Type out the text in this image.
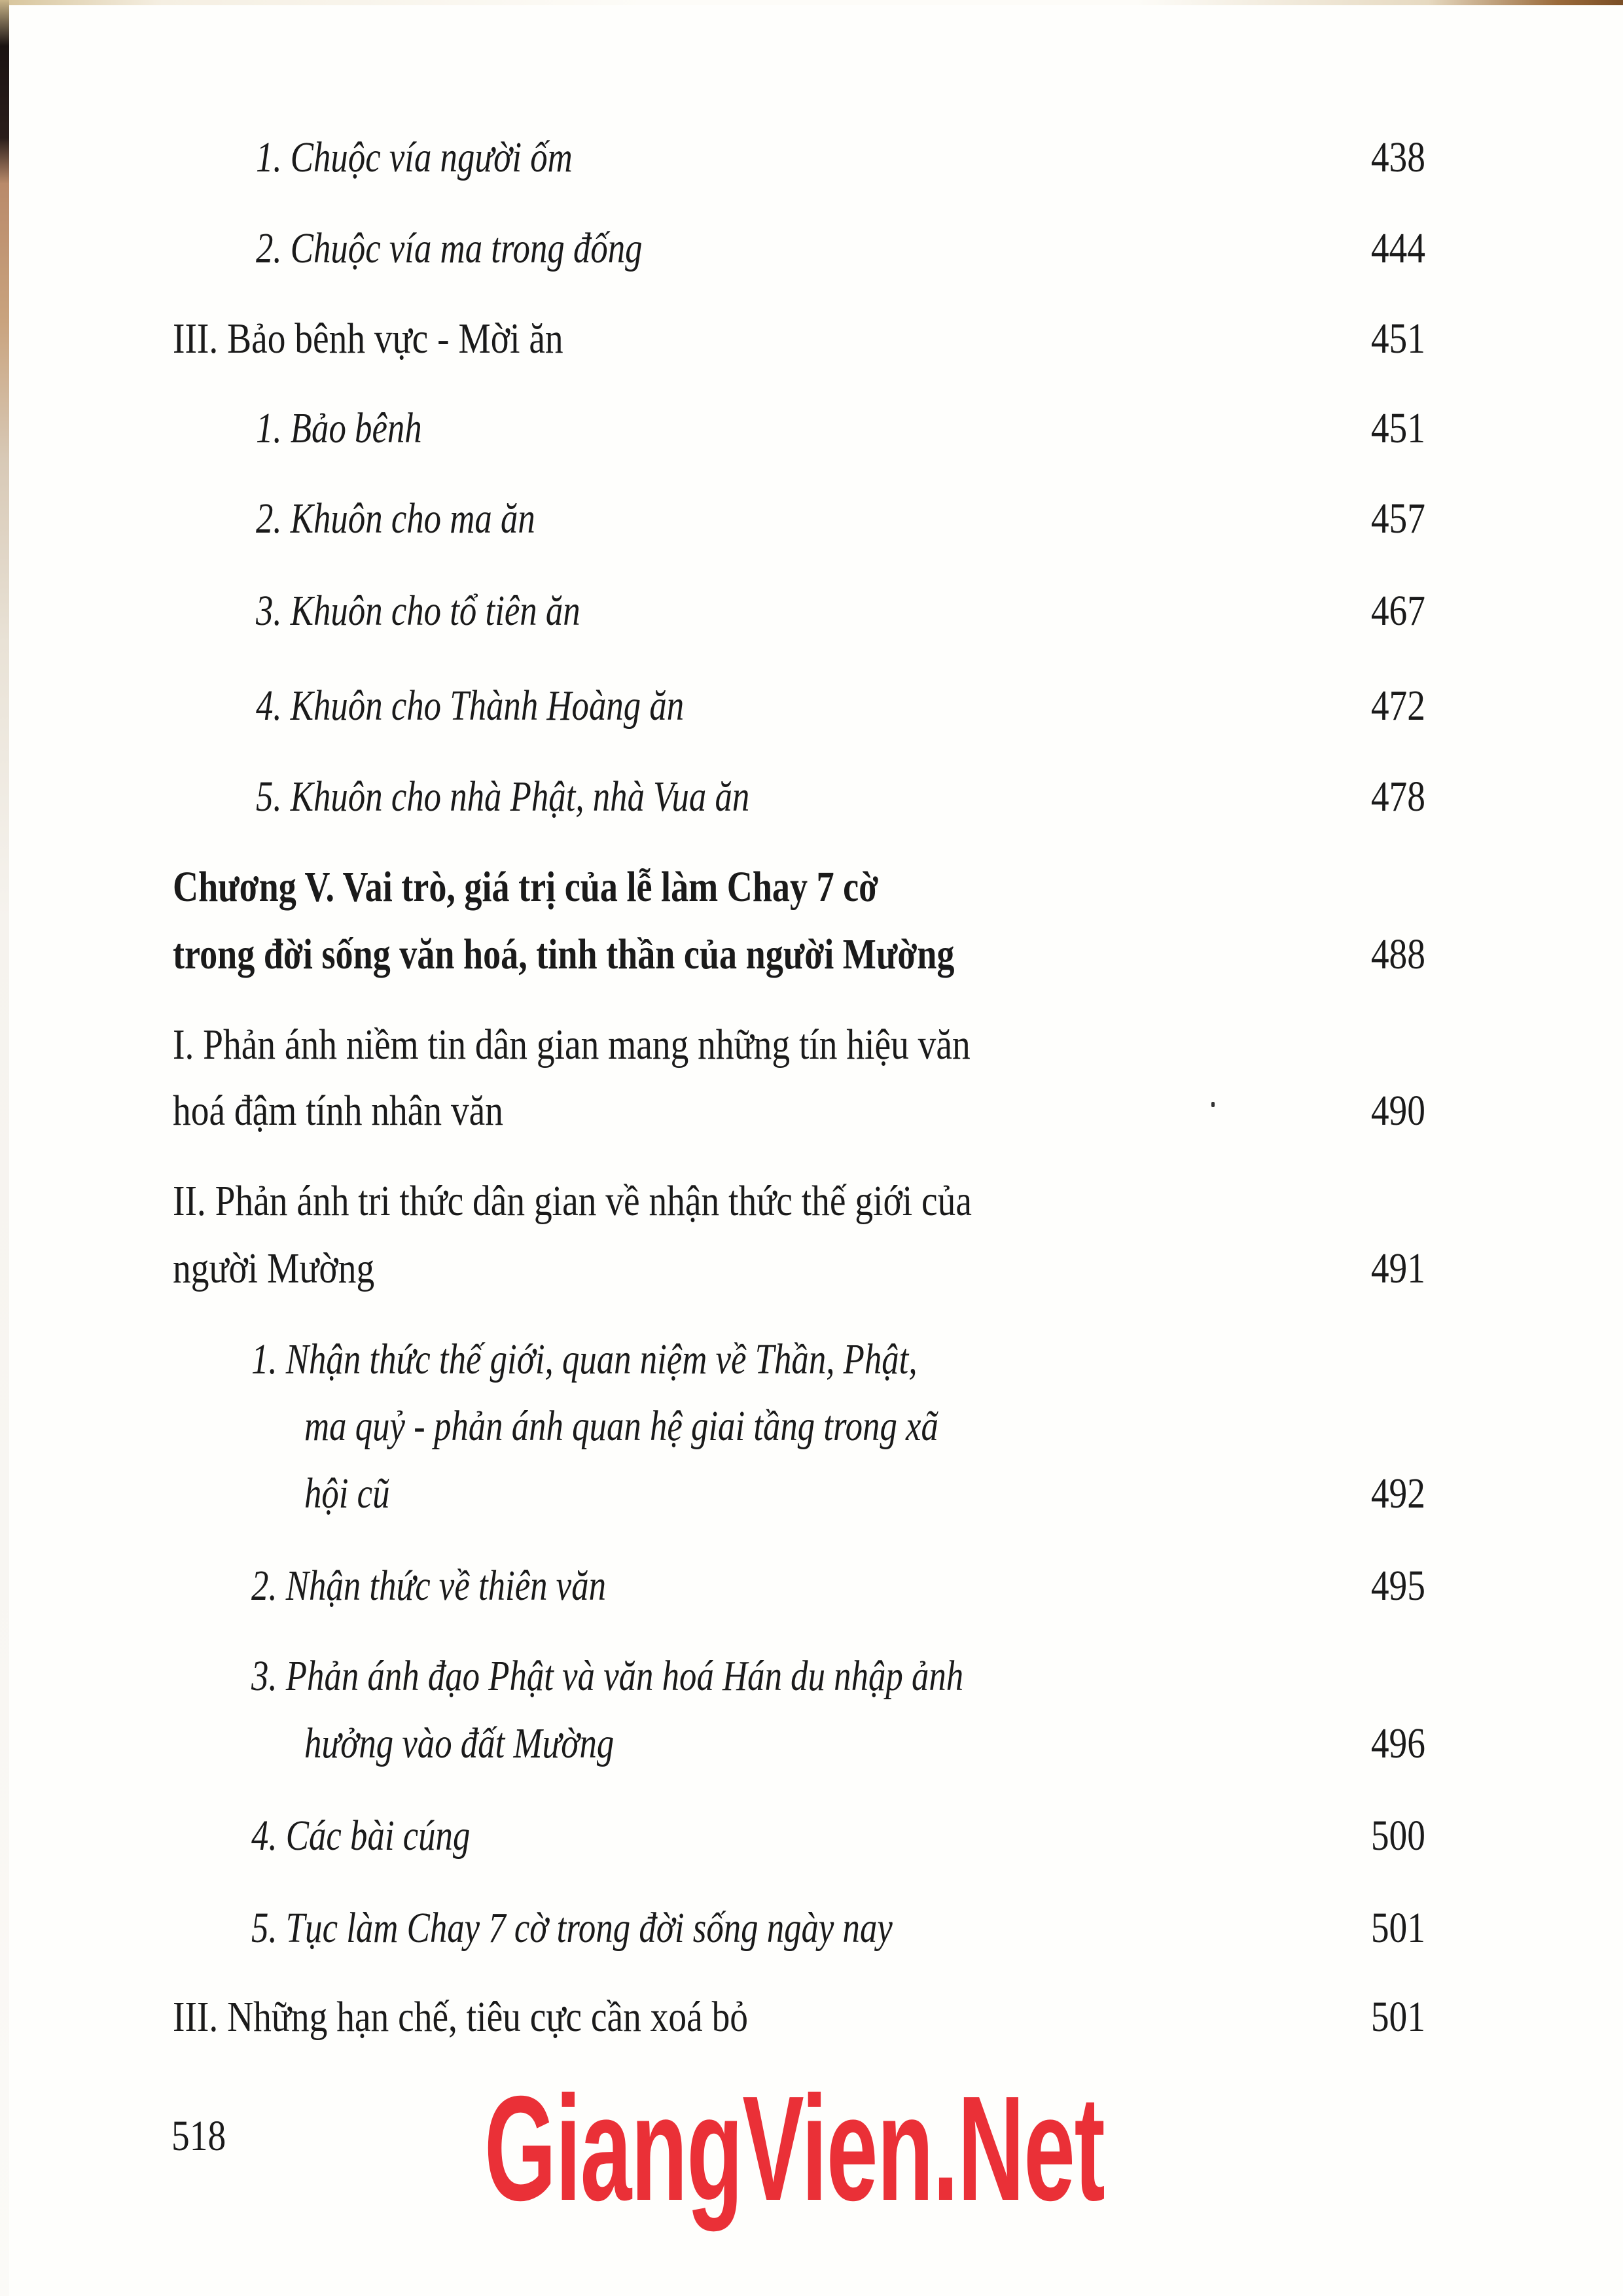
1. Chuộc vía người ốm	438
2. Chuộc vía ma trong đống	444
III. Bảo bênh vực - Mời ăn	451
1. Bảo bênh	451
2. Khuôn cho ma ăn	457
3. Khuôn cho tổ tiên ăn	467
4. Khuôn cho Thành Hoàng ăn	472
5. Khuôn cho nhà Phật, nhà Vua ăn	478
Chương V. Vai trò, giá trị của lễ làm Chay 7 cờ
trong đời sống văn hoá, tinh thần của người Mường	488
I. Phản ánh niềm tin dân gian mang những tín hiệu văn
hoá đậm tính nhân văn	490
II. Phản ánh tri thức dân gian về nhận thức thế giới của
người Mường	491
1. Nhận thức thế giới, quan niệm về Thần, Phật,
ma quỷ - phản ánh quan hệ giai tầng trong xã
hội cũ	492
2. Nhận thức về thiên văn	495
3. Phản ánh đạo Phật và văn hoá Hán du nhập ảnh
hưởng vào đất Mường	496
4. Các bài cúng	500
5. Tục làm Chay 7 cờ trong đời sống ngày nay	501
III. Những hạn chế, tiêu cực cần xoá bỏ	501
518 GiangVien.Net
